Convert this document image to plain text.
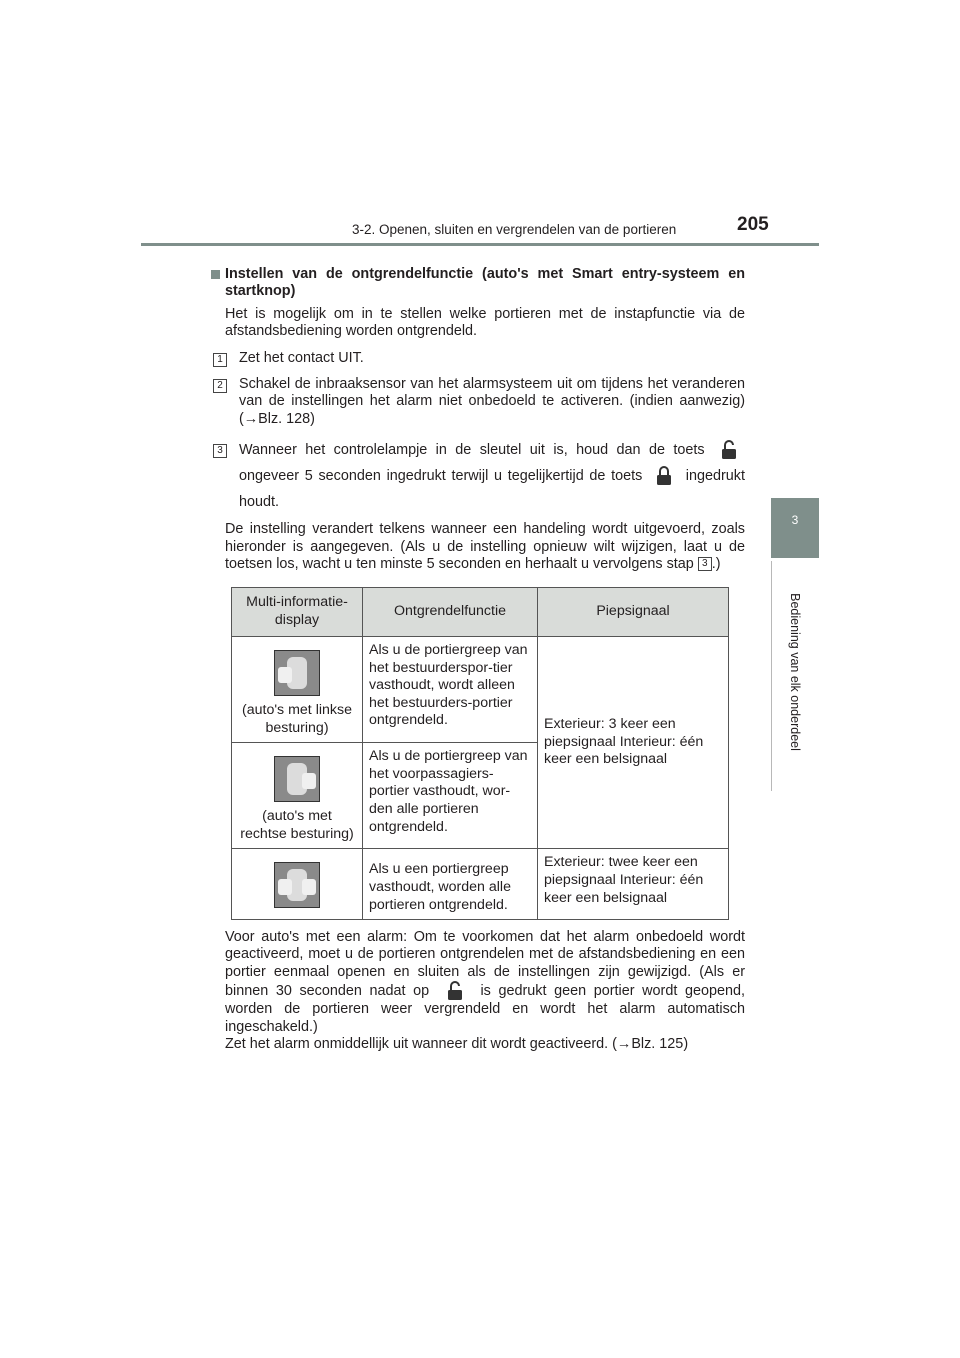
3-2. Openen, sluiten en vergrendelen van de portieren	205
3
Bediening van elk onderdeel
Instellen van de ontgrendelfunctie (auto's met Smart entry-systeem en startknop)

Het is mogelijk om in te stellen welke portieren met de instapfunctie via de afstandsbediening worden ontgrendeld.

1 Zet het contact UIT.
2 Schakel de inbraaksensor van het alarmsysteem uit om tijdens het veranderen van de instellingen het alarm niet onbedoeld te activeren. (indien aanwezig) (→Blz. 128)
3 Wanneer het controlelampje in de sleutel uit is, houd dan de toets  ongeveer 5 seconden ingedrukt terwijl u tegelijkertijd de toets	ingedrukt houdt.

De instelling verandert telkens wanneer een handeling wordt uitgevoerd, zoals hieronder is aangegeven. (Als u de instelling opnieuw wilt wijzigen, laat u de toetsen los, wacht u ten minste 5 seconden en herhaalt u vervolgens stap 3 .)

Multi-informatie-display	Ontgrendelfunctie	Piepsignaal

(auto's met linkse besturing)	Als u de portiergreep van het bestuurderspor-tier vasthoudt, wordt alleen het bestuurders-portier ontgrendeld.	Exterieur: 3 keer een piepsignaal Interieur: één keer een belsignaal

(auto's met rechtse besturing)	Als u de portiergreep van het voorpassagiers-portier vasthoudt, wor-den alle portieren ontgrendeld.	

	Als u een portiergreep vasthoudt, worden alle portieren ontgrendeld.	Exterieur: twee keer een piepsignaal Interieur: één keer een belsignaal
Voor auto's met een alarm: Om te voorkomen dat het alarm onbedoeld wordt geactiveerd, moet u de portieren ontgrendelen met de afstandsbediening en een portier eenmaal openen en sluiten als de instellingen zijn gewijzigd. (Als er binnen 30 seconden nadat op	is gedrukt geen portier wordt geopend, worden de portieren weer vergrendeld en wordt het alarm automatisch ingeschakeld.)
Zet het alarm onmiddellijk uit wanneer dit wordt geactiveerd. (→Blz. 125)
